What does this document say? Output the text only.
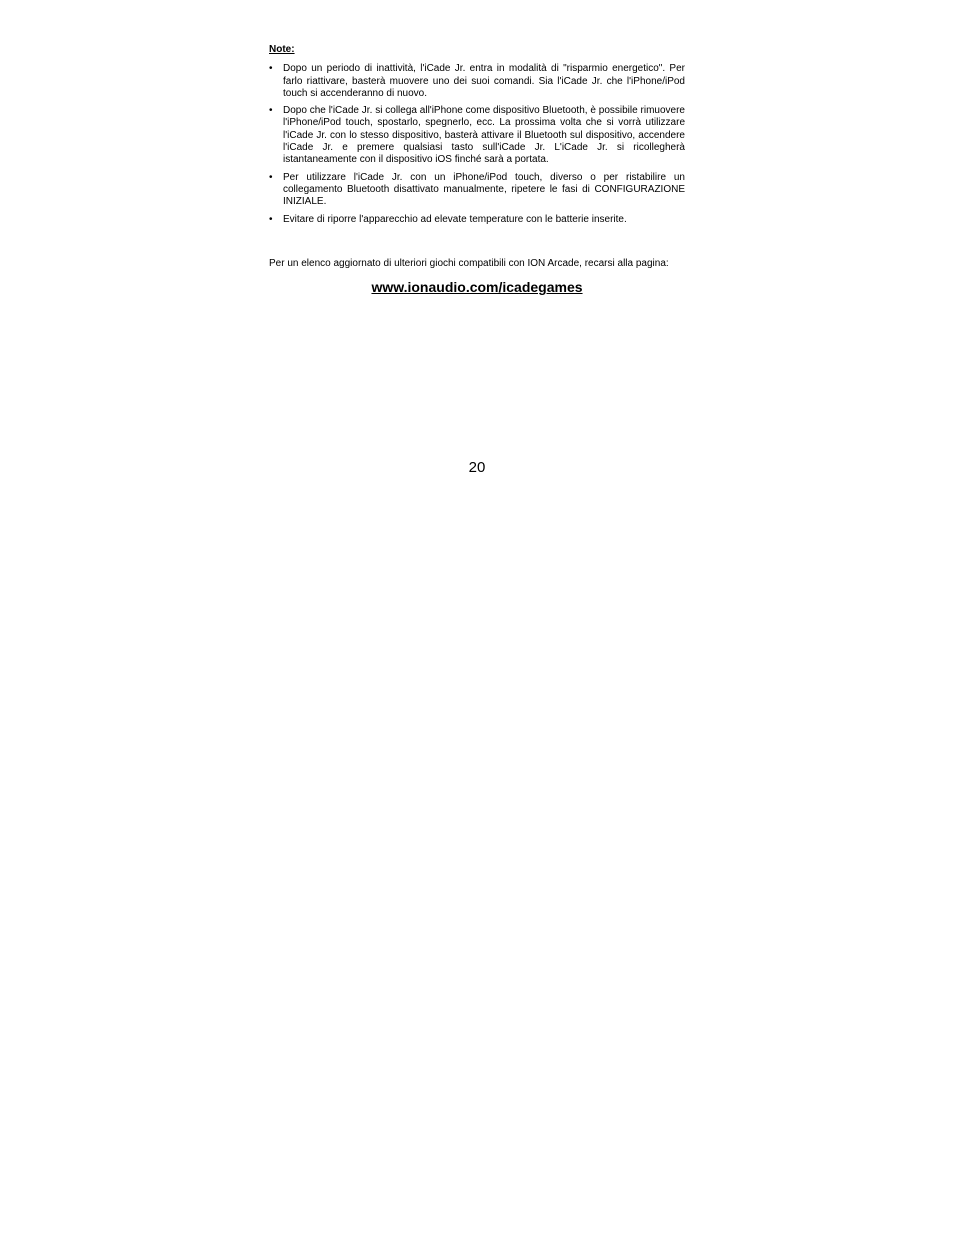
Note:
• Dopo un periodo di inattività, l'iCade Jr. entra in modalità di "risparmio energetico". Per farlo riattivare, basterà muovere uno dei suoi comandi. Sia l'iCade Jr. che l'iPhone/iPod touch si accenderanno di nuovo.
• Dopo che l'iCade Jr. si collega all'iPhone come dispositivo Bluetooth, è possibile rimuovere l'iPhone/iPod touch, spostarlo, spegnerlo, ecc. La prossima volta che si vorrà utilizzare l'iCade Jr. con lo stesso dispositivo, basterà attivare il Bluetooth sul dispositivo, accendere l'iCade Jr. e premere qualsiasi tasto sull'iCade Jr. L'iCade Jr. si ricollegherà istantaneamente con il dispositivo iOS finché sarà a portata.
• Per utilizzare l'iCade Jr. con un iPhone/iPod touch, diverso o per ristabilire un collegamento Bluetooth disattivato manualmente, ripetere le fasi di CONFIGURAZIONE INIZIALE.
• Evitare di riporre l'apparecchio ad elevate temperature con le batterie inserite.
Per un elenco aggiornato di ulteriori giochi compatibili con ION Arcade, recarsi alla pagina:
www.ionaudio.com/icadegames
20
